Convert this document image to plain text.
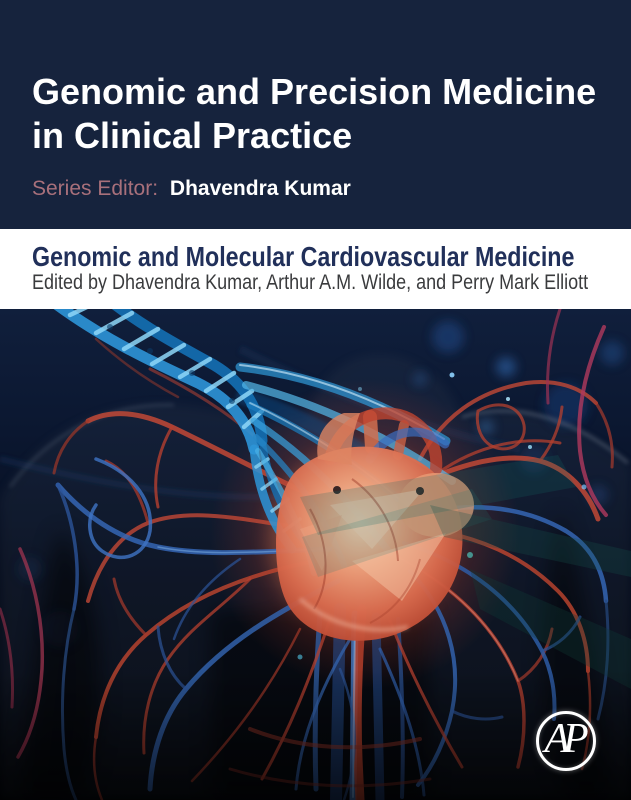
Genomic and Precision Medicine in Clinical Practice

Series Editor: Dhavendra Kumar

Genomic and Molecular Cardiovascular Medicine

Edited by Dhavendra Kumar, Arthur A.M. Wilde, and Perry Mark Elliott

AP
